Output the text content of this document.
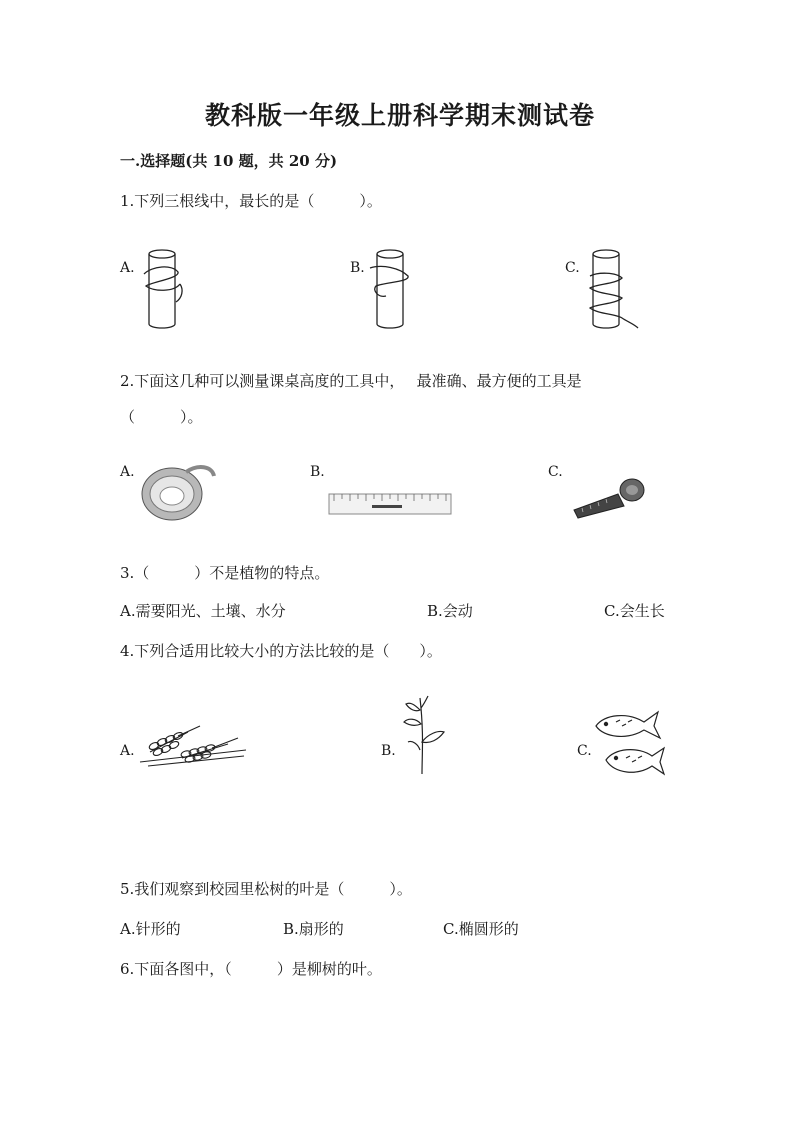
教科版一年级上册科学期末测试卷
一.选择题(共 10 题，共 20 分)
1.下列三根线中，最长的是（　　　）。
A.	B.	C.
2.下面这几种可以测量课桌高度的工具中，　 最准确、最方便的工具是
（　　　）。
A.	B.	C.
3.（　　　）不是植物的特点。
A.需要阳光、土壤、水分	B.会动	C.会生长
4.下列合适用比较大小的方法比较的是（　　）。
A.	B.	C.
5.我们观察到校园里松树的叶是（　　　）。
A.针形的	B.扇形的	C.椭圆形的
6.下面各图中，（　　　）是柳树的叶。
